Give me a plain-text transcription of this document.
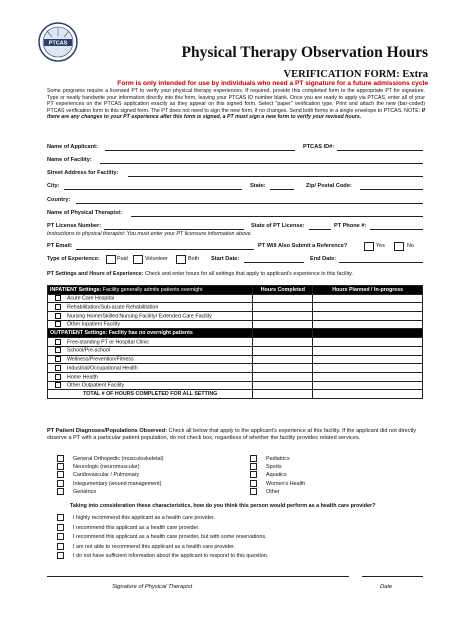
PTCAS
Physical Therapy Observation Hours
VERIFICATION FORM: Extra
Form is only intended for use by individuals who need a PT signature for a future admissions cycle
Some programs require a licensed PT to verify your physical therapy experiences. If required, provide this completed form to the appropriate PT for signature. Type or neatly handwrite your information directly into this form, leaving your PTCAS ID number blank. Once you are ready to apply via PTCAS, enter all of your PT experiences on the PTCAS application exactly as they appear on this signed form. Select "paper" verification type. Print and attach the new (bar-coded) PTCAS verification form to this signed form. The PT does not need to sign the new form, if no changes. Send both forms in a single envelope to PTCAS. NOTE: If there are any changes to your PT experience after this form is signed, a PT must sign a new form to verify your revised hours.
Name of Applicant:	PTCAS ID#:
Name of Facility:
Street Address for Facility:
City:	State:	Zip/ Postal Code:
Country:
Name of Physical Therapist:
PT License Number:	State of PT License:	PT Phone #:
Instructions to physical therapist: You must enter your PT licensure information above.
PT Email:	PT Will Also Submit a Reference?	Yes	No
Type of Experience:	Paid	Volunteer	Both Start Date:	End Date:
PT Settings and Hours of Experience: Check and enter hours for all settings that apply to applicant's experience in this facility.
INPATIENT Settings: Facility generally admits patients overnight	Hours Completed	Hours Planned / In-progress
Acute Care Hospital		
Rehabilitation/Sub-acute Rehabilitation		
Nursing Home/Skilled Nursing Facility/ Extended Care Facility		
Other Inpatient Facility		
OUTPATIENT Settings: Facility has no overnight patients		
Free-standing PT or Hospital Clinic		
School/Pre-school		
Wellness/Prevention/Fitness		
Industrial/Occupational Health		
Home Health		
Other Outpatient Facility		
TOTAL # OF HOURS COMPLETED FOR ALL SETTING		
PT Patient Diagnoses/Populations Observed: Check all below that apply to the applicant's experience at this facility. If the applicant did not directly observe a PT with a particular patient population, do not check box, regardless of whether the facility provides related services.
General Orthopedic (musculoskeletal)
Neurologic (neuromuscular)
Cardiovascular / Pulmonary
Integumentary (wound management)
Geriatrics
Pediatrics
Sports
Aquatics
Women's Health
Other
Taking into consideration these characteristics, how do you think this person would perform as a health care provider?
I highly recommend this applicant as a health care provider.
I recommend this applicant as a health care provider.
I recommend this applicant as a health care provider, but with some reservations.
I am not able to recommend this applicant as a health care provider.
I do not have sufficient information about the applicant to respond to this question.
Signature of Physical Therapist	Date
